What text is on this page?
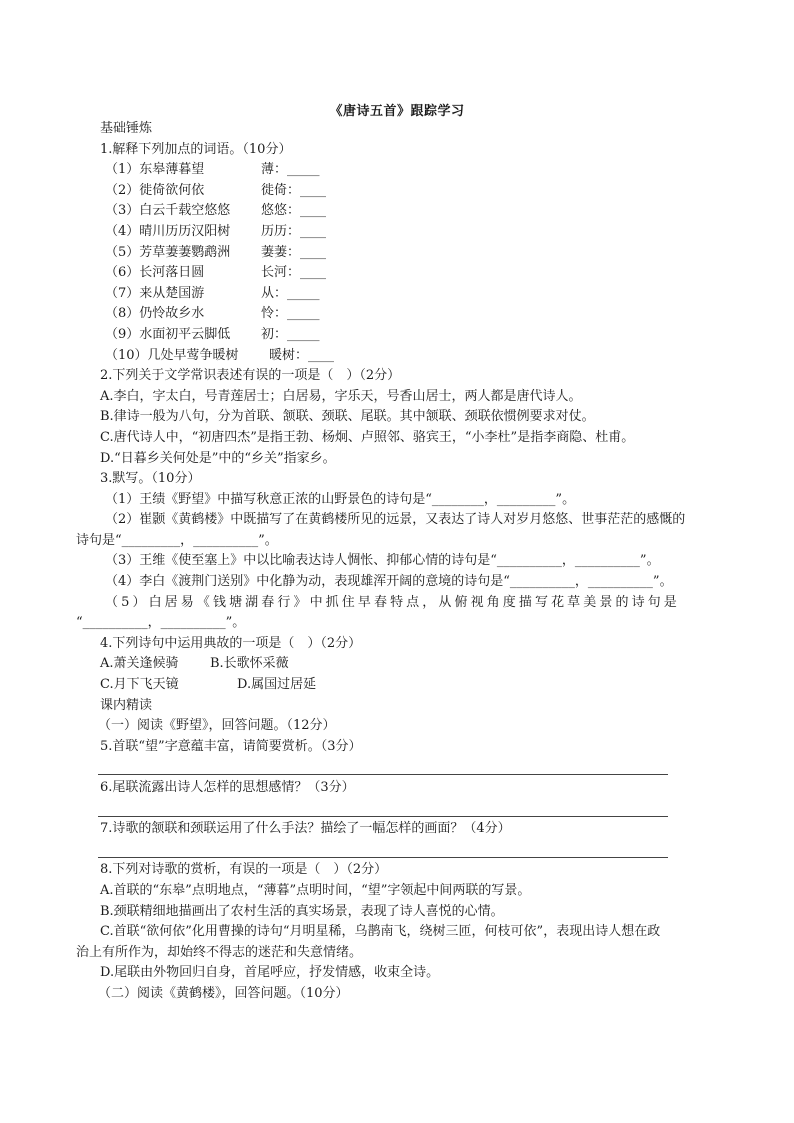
《唐诗五首》跟踪学习
基础锤炼
1.解释下列加点的词语。（10分）
（1）东皋薄暮望	薄：_____
（2）徙倚欲何依	徙倚：____
（3）白云千载空悠悠 悠悠：____
（4）晴川历历汉阳树 历历：____
（5）芳草萋萋鹦鹉洲 萋萋：____
（6）长河落日圆	长河：____
（7）来从楚国游	从：_____
（8）仍怜故乡水	怜：_____
（9）水面初平云脚低 初：_____
（10）几处早莺争暖树 暖树：____
2.下列关于文学常识表述有误的一项是（　）（2分）
A.李白，字太白，号青莲居士；白居易，字乐天，号香山居士，两人都是唐代诗人。
B.律诗一般为八句，分为首联、颔联、颈联、尾联。其中颔联、颈联依惯例要求对仗。
C.唐代诗人中，“初唐四杰”是指王勃、杨炯、卢照邻、骆宾王，“小李杜”是指李商隐、杜甫。
D.“日暮乡关何处是”中的“乡关”指家乡。
3.默写。（10分）
（1）王绩《野望》中描写秋意正浓的山野景色的诗句是“________，_________”。
（2）崔颢《黄鹤楼》中既描写了在黄鹤楼所见的远景，又表达了诗人对岁月悠悠、世事茫茫的感慨的
诗句是“_________，__________”。
（3）王维《使至塞上》中以比喻表达诗人惆怅、抑郁心情的诗句是“__________，__________”。
（4）李白《渡荆门送别》中化静为动，表现雄浑开阔的意境的诗句是“__________，__________”。
（5）白居易《钱塘湖春行》中抓住早春特点，从俯视角度描写花草美景的诗句是
“__________，__________”。
4.下列诗句中运用典故的一项是（　）（2分）
A.萧关逢候骑 B.长歌怀采薇
C.月下飞天镜	D.属国过居延
课内精读
（一）阅读《野望》，回答问题。（12分）
5.首联“望”字意蕴丰富，请简要赏析。（3分）
6.尾联流露出诗人怎样的思想感情？（3分）
7.诗歌的颔联和颈联运用了什么手法？描绘了一幅怎样的画面？（4分）
8.下列对诗歌的赏析，有误的一项是（　）（2分）
A.首联的“东皋”点明地点，“薄暮”点明时间，“望”字领起中间两联的写景。
B.颈联精细地描画出了农村生活的真实场景，表现了诗人喜悦的心情。
C.首联“欲何依”化用曹操的诗句“月明星稀，乌鹊南飞，绕树三匝，何枝可依”，表现出诗人想在政
治上有所作为，却始终不得志的迷茫和失意情绪。
D.尾联由外物回归自身，首尾呼应，抒发情感，收束全诗。
（二）阅读《黄鹤楼》，回答问题。（10分）
